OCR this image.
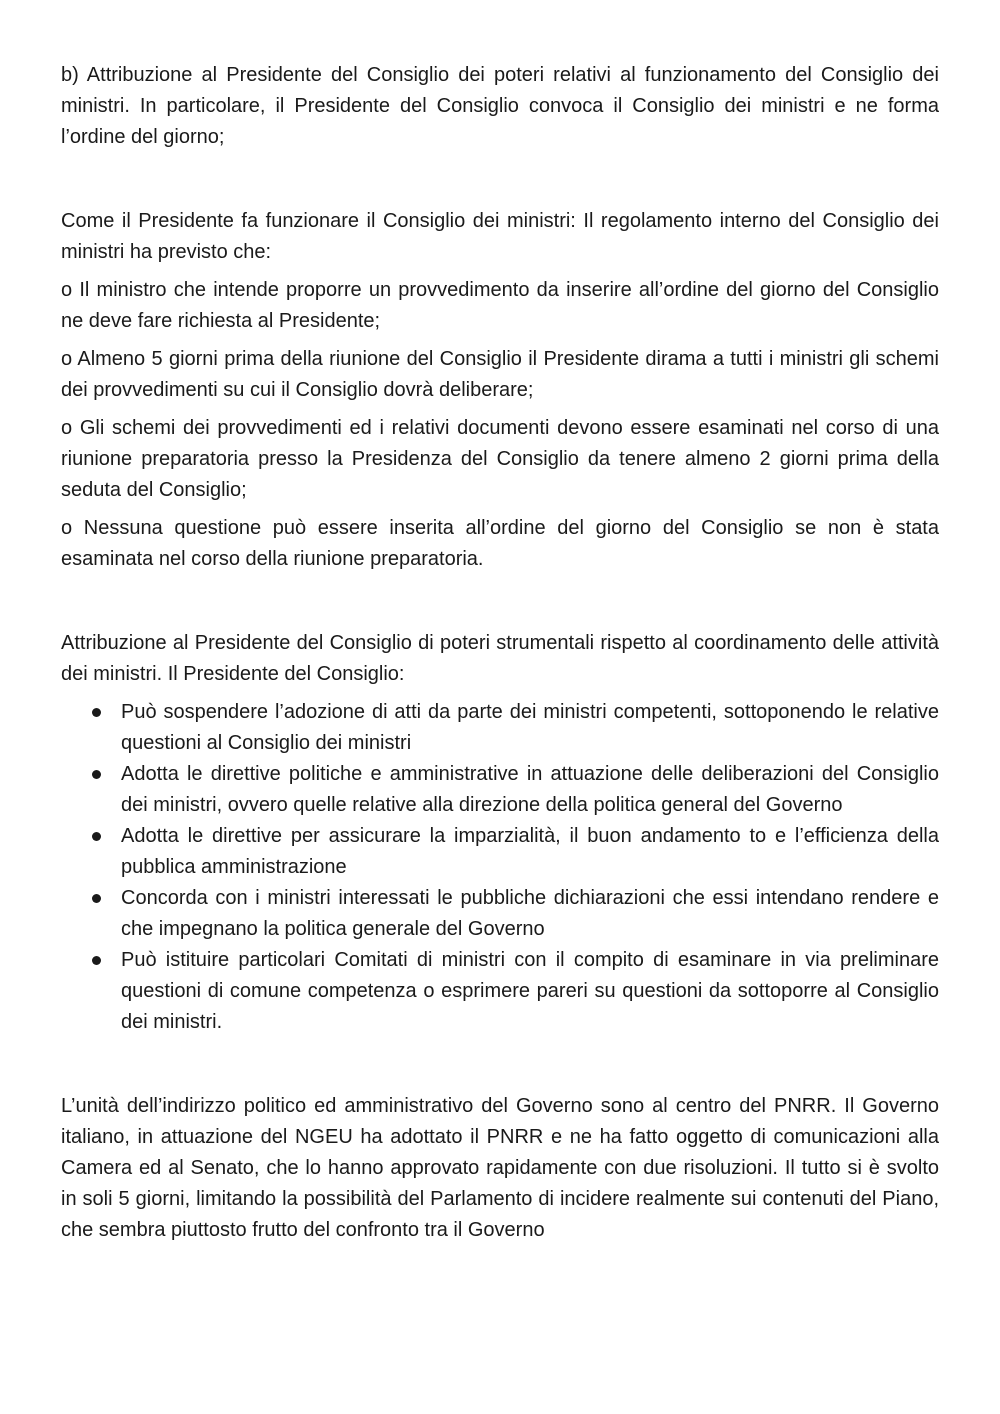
b) Attribuzione al Presidente del Consiglio dei poteri relativi al funzionamento del Consiglio dei ministri. In particolare, il Presidente del Consiglio convoca il Consiglio dei ministri e ne forma l’ordine del giorno;

Come il Presidente fa funzionare il Consiglio dei ministri: Il regolamento interno del Consiglio dei ministri ha previsto che:

o Il ministro che intende proporre un provvedimento da inserire all’ordine del giorno del Consiglio ne deve fare richiesta al Presidente;

o Almeno 5 giorni prima della riunione del Consiglio il Presidente dirama a tutti i ministri gli schemi dei provvedimenti su cui il Consiglio dovrà deliberare;

o Gli schemi dei provvedimenti ed i relativi documenti devono essere esaminati nel corso di una riunione preparatoria presso la Presidenza del Consiglio da tenere almeno 2 giorni prima della seduta del Consiglio;

o Nessuna questione può essere inserita all’ordine del giorno del Consiglio se non è stata esaminata nel corso della riunione preparatoria.

Attribuzione al Presidente del Consiglio di poteri strumentali rispetto al coordinamento delle attività dei ministri. Il Presidente del Consiglio:

Può sospendere l’adozione di atti da parte dei ministri competenti, sottoponendo le relative questioni al Consiglio dei ministri
Adotta le direttive politiche e amministrative in attuazione delle deliberazioni del Consiglio dei ministri, ovvero quelle relative alla direzione della politica general del Governo
Adotta le direttive per assicurare la imparzialità, il buon andamento to e l’efficienza della pubblica amministrazione
Concorda con i ministri interessati le pubbliche dichiarazioni che essi intendano rendere e che impegnano la politica generale del Governo
Può istituire particolari Comitati di ministri con il compito di esaminare in via preliminare questioni di comune competenza o esprimere pareri su questioni da sottoporre al Consiglio dei ministri.

L’unità dell’indirizzo politico ed amministrativo del Governo sono al centro del PNRR. Il Governo italiano, in attuazione del NGEU ha adottato il PNRR e ne ha fatto oggetto di comunicazioni alla Camera ed al Senato, che lo hanno approvato rapidamente con due risoluzioni. Il tutto si è svolto in soli 5 giorni, limitando la possibilità del Parlamento di incidere realmente sui contenuti del Piano, che sembra piuttosto frutto del confronto tra il Governo
